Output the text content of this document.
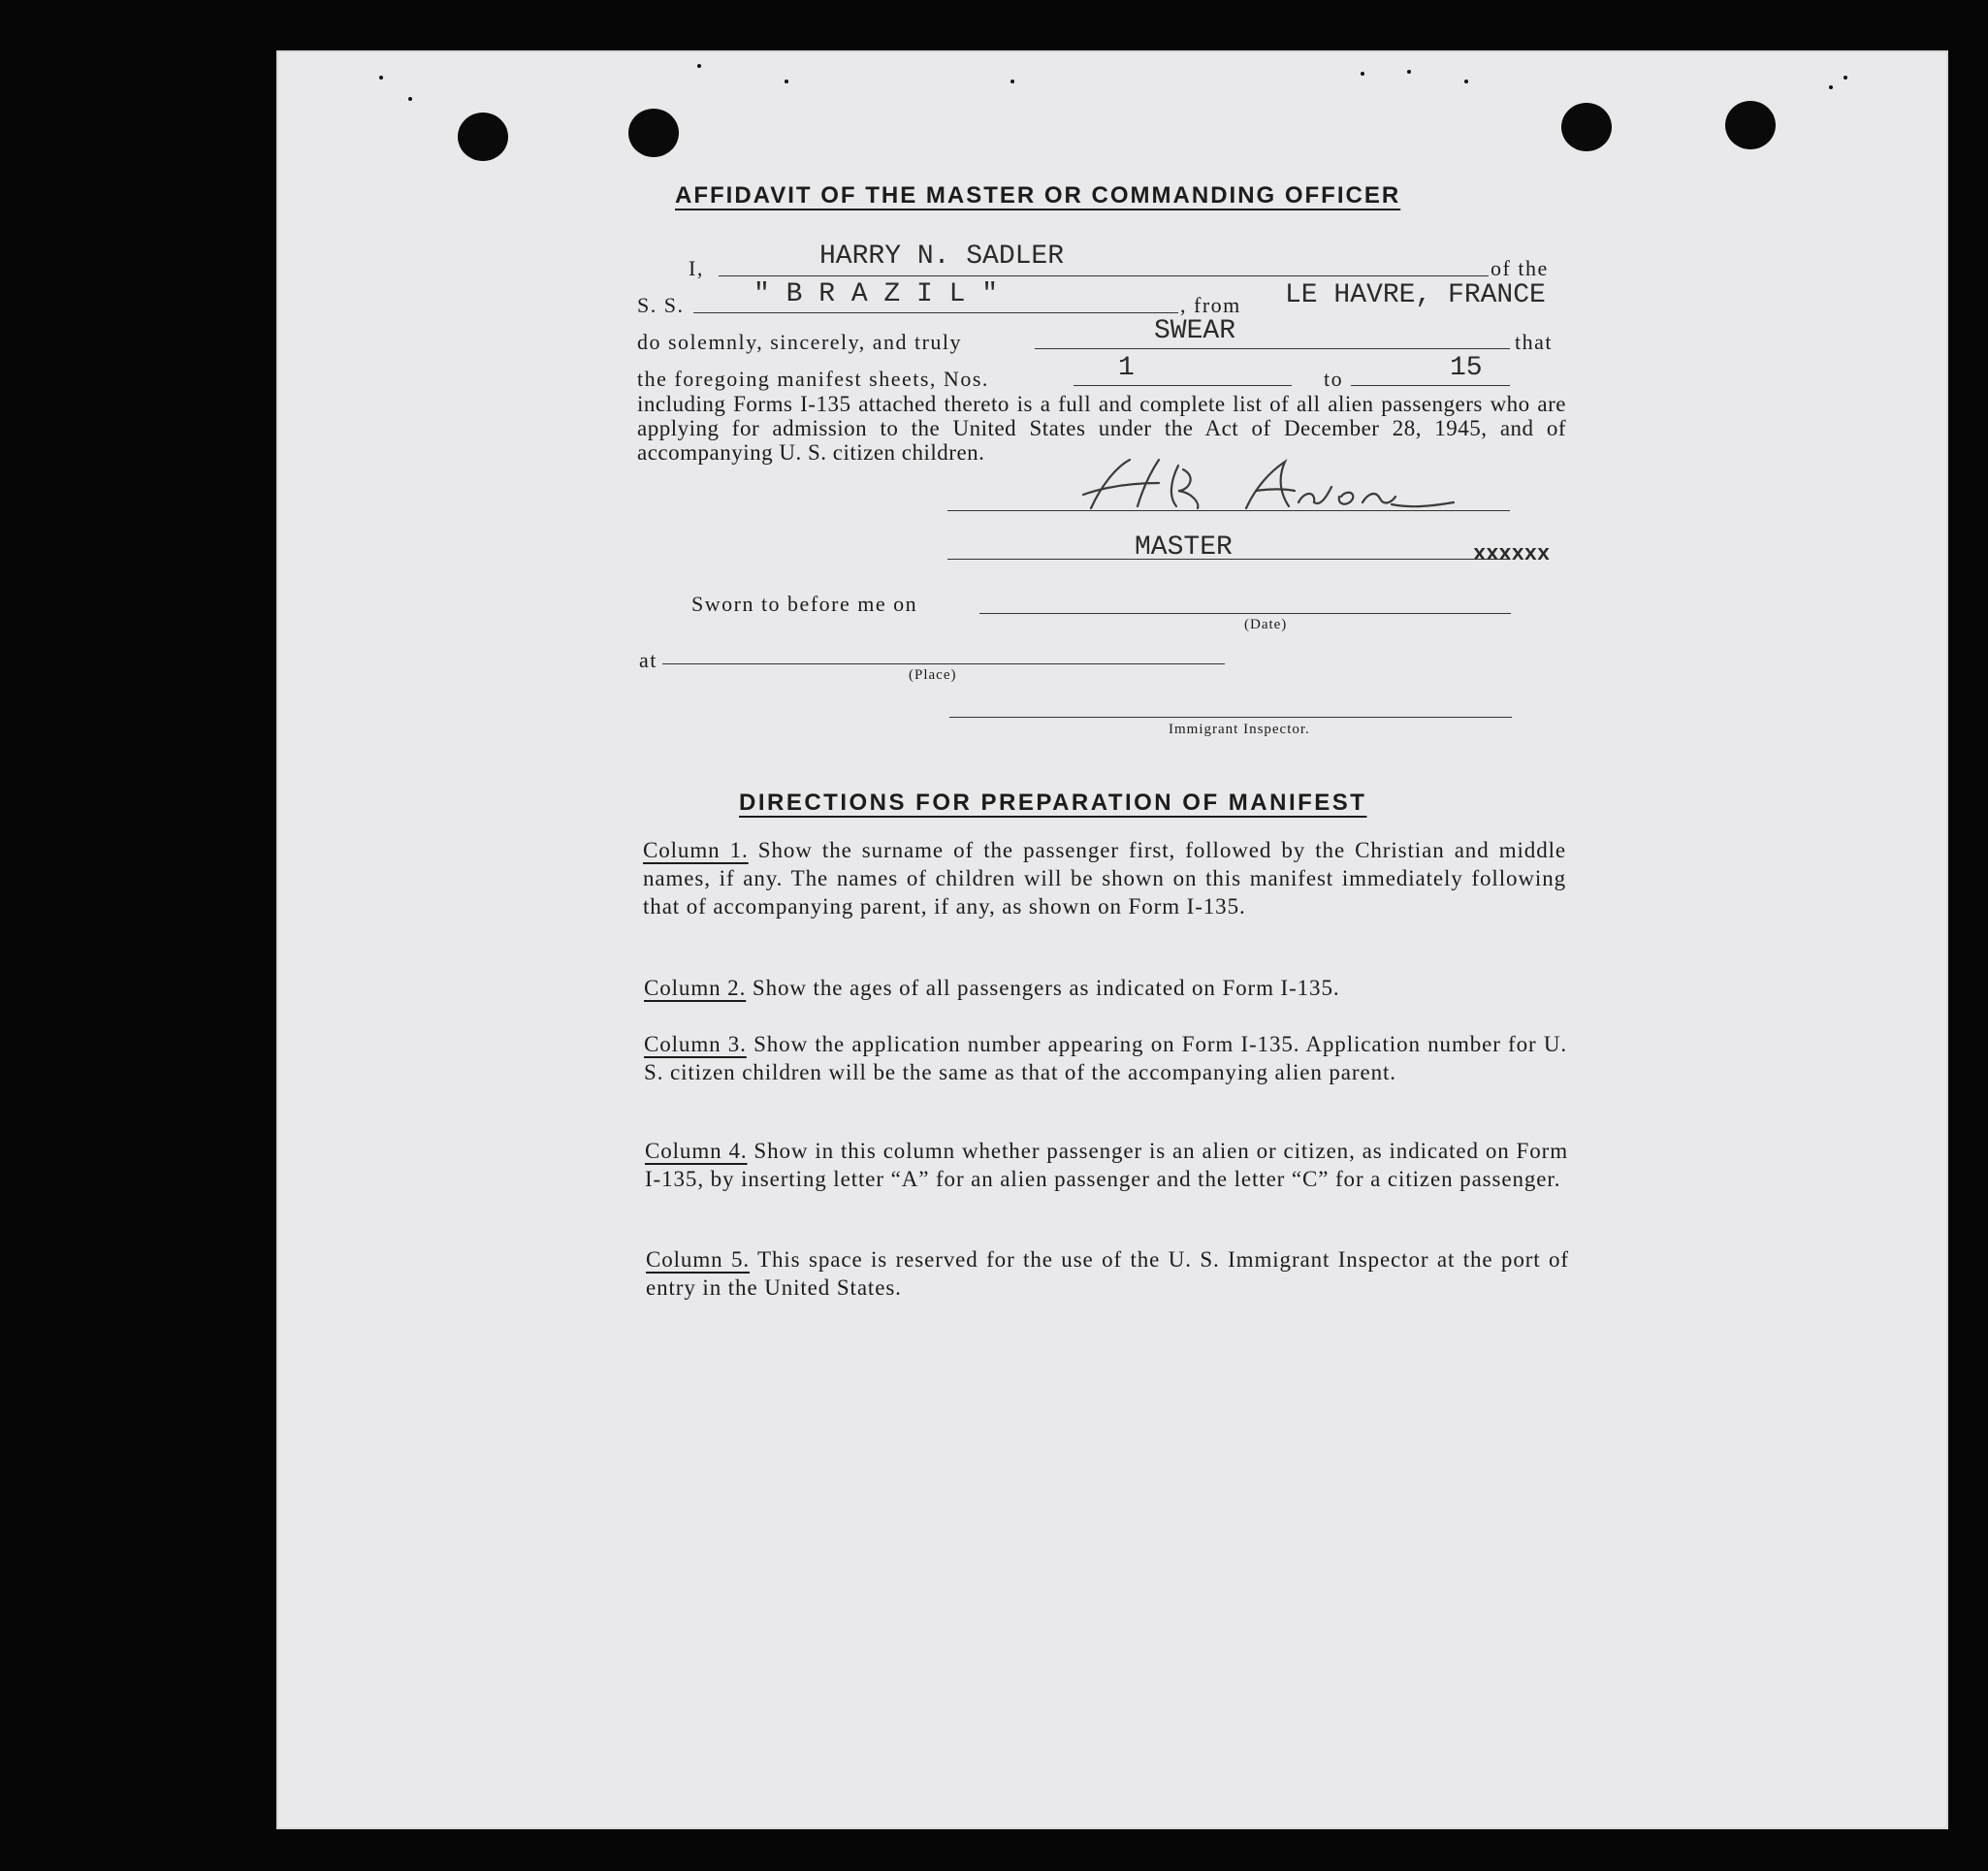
AFFIDAVIT OF THE MASTER OR COMMANDING OFFICER
I,	HARRY N. SADLER	of the
S. S.	" B R A Z I L "	, from LE HAVRE, FRANCE
do solemnly, sincerely, and truly	SWEAR	that
the foregoing manifest sheets, Nos.	1	to	15
including Forms I-135 attached thereto is a full and complete list of all alien passengers who are applying for admission to the United States under the Act of December 28, 1945, and of accompanying U. S. citizen children.
MASTER	xxxxxx
Sworn to before me on
(Date)
at
(Place)
Immigrant Inspector.
DIRECTIONS FOR PREPARATION OF MANIFEST
Column 1. Show the surname of the passenger first, followed by the Christian and middle names, if any. The names of children will be shown on this manifest immediately following that of accompanying parent, if any, as shown on Form I-135.
Column 2. Show the ages of all passengers as indicated on Form I-135.
Column 3. Show the application number appearing on Form I-135. Application number for U. S. citizen children will be the same as that of the accompanying alien parent.
Column 4. Show in this column whether passenger is an alien or citizen, as indicated on Form I-135, by inserting letter “A” for an alien passenger and the letter “C” for a citizen passenger.
Column 5. This space is reserved for the use of the U. S. Immigrant Inspector at the port of entry in the United States.
